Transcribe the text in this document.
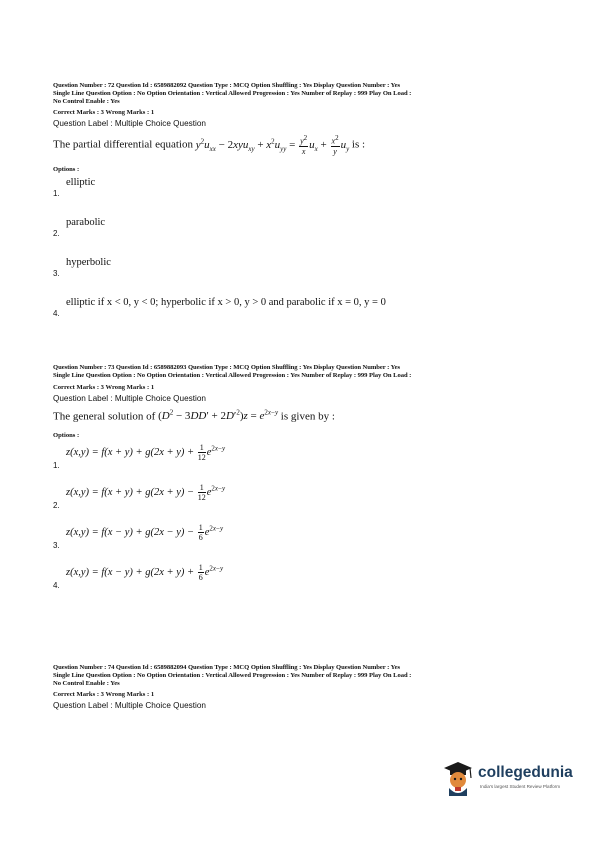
Question Number : 72 Question Id : 6589882092 Question Type : MCQ Option Shuffling : Yes Display Question Number : Yes
Single Line Question Option : No Option Orientation : Vertical Allowed Progression : Yes Number of Replay : 999 Play On Load :
No Control Enable : Yes
Correct Marks : 3 Wrong Marks : 1
Question Label : Multiple Choice Question
The partial differential equation $y^2u_{xx} - 2xyu_{xy} + x^2u_{yy} = \frac{y^2}{x} u_x + \frac{x^2}{y} u_y$ is :
Options :
1.
elliptic
2.
parabolic
3.
hyperbolic
4.
elliptic if x < 0, y < 0; hyperbolic if x > 0, y > 0 and parabolic if x = 0, y = 0
Question Number : 73 Question Id : 6589882093 Question Type : MCQ Option Shuffling : Yes Display Question Number : Yes
Single Line Question Option : No Option Orientation : Vertical Allowed Progression : Yes Number of Replay : 999 Play On Load :
Correct Marks : 3 Wrong Marks : 1
Question Label : Multiple Choice Question
The general solution of $(D^2 - 3DD' + 2D'^2)z = e^{2x-y}$ is given by :
Options :
1.
$z(x,y) = f(x + y) + g(2x + y) + \frac{1}{12} e^{2x-y}$
2.
$z(x,y) = f(x + y) + g(2x + y) - \frac{1}{12} e^{2x-y}$
3.
$z(x,y) = f(x - y) + g(2x - y) - \frac{1}{6} e^{2x-y}$
4.
$z(x,y) = f(x - y) + g(2x + y) + \frac{1}{6} e^{2x-y}$
Question Number : 74 Question Id : 6589882094 Question Type : MCQ Option Shuffling : Yes Display Question Number : Yes
Single Line Question Option : No Option Orientation : Vertical Allowed Progression : Yes Number of Replay : 999 Play On Load :
No Control Enable : Yes
Correct Marks : 3 Wrong Marks : 1
Question Label : Multiple Choice Question
collegedunia
India's largest Student Review Platform
